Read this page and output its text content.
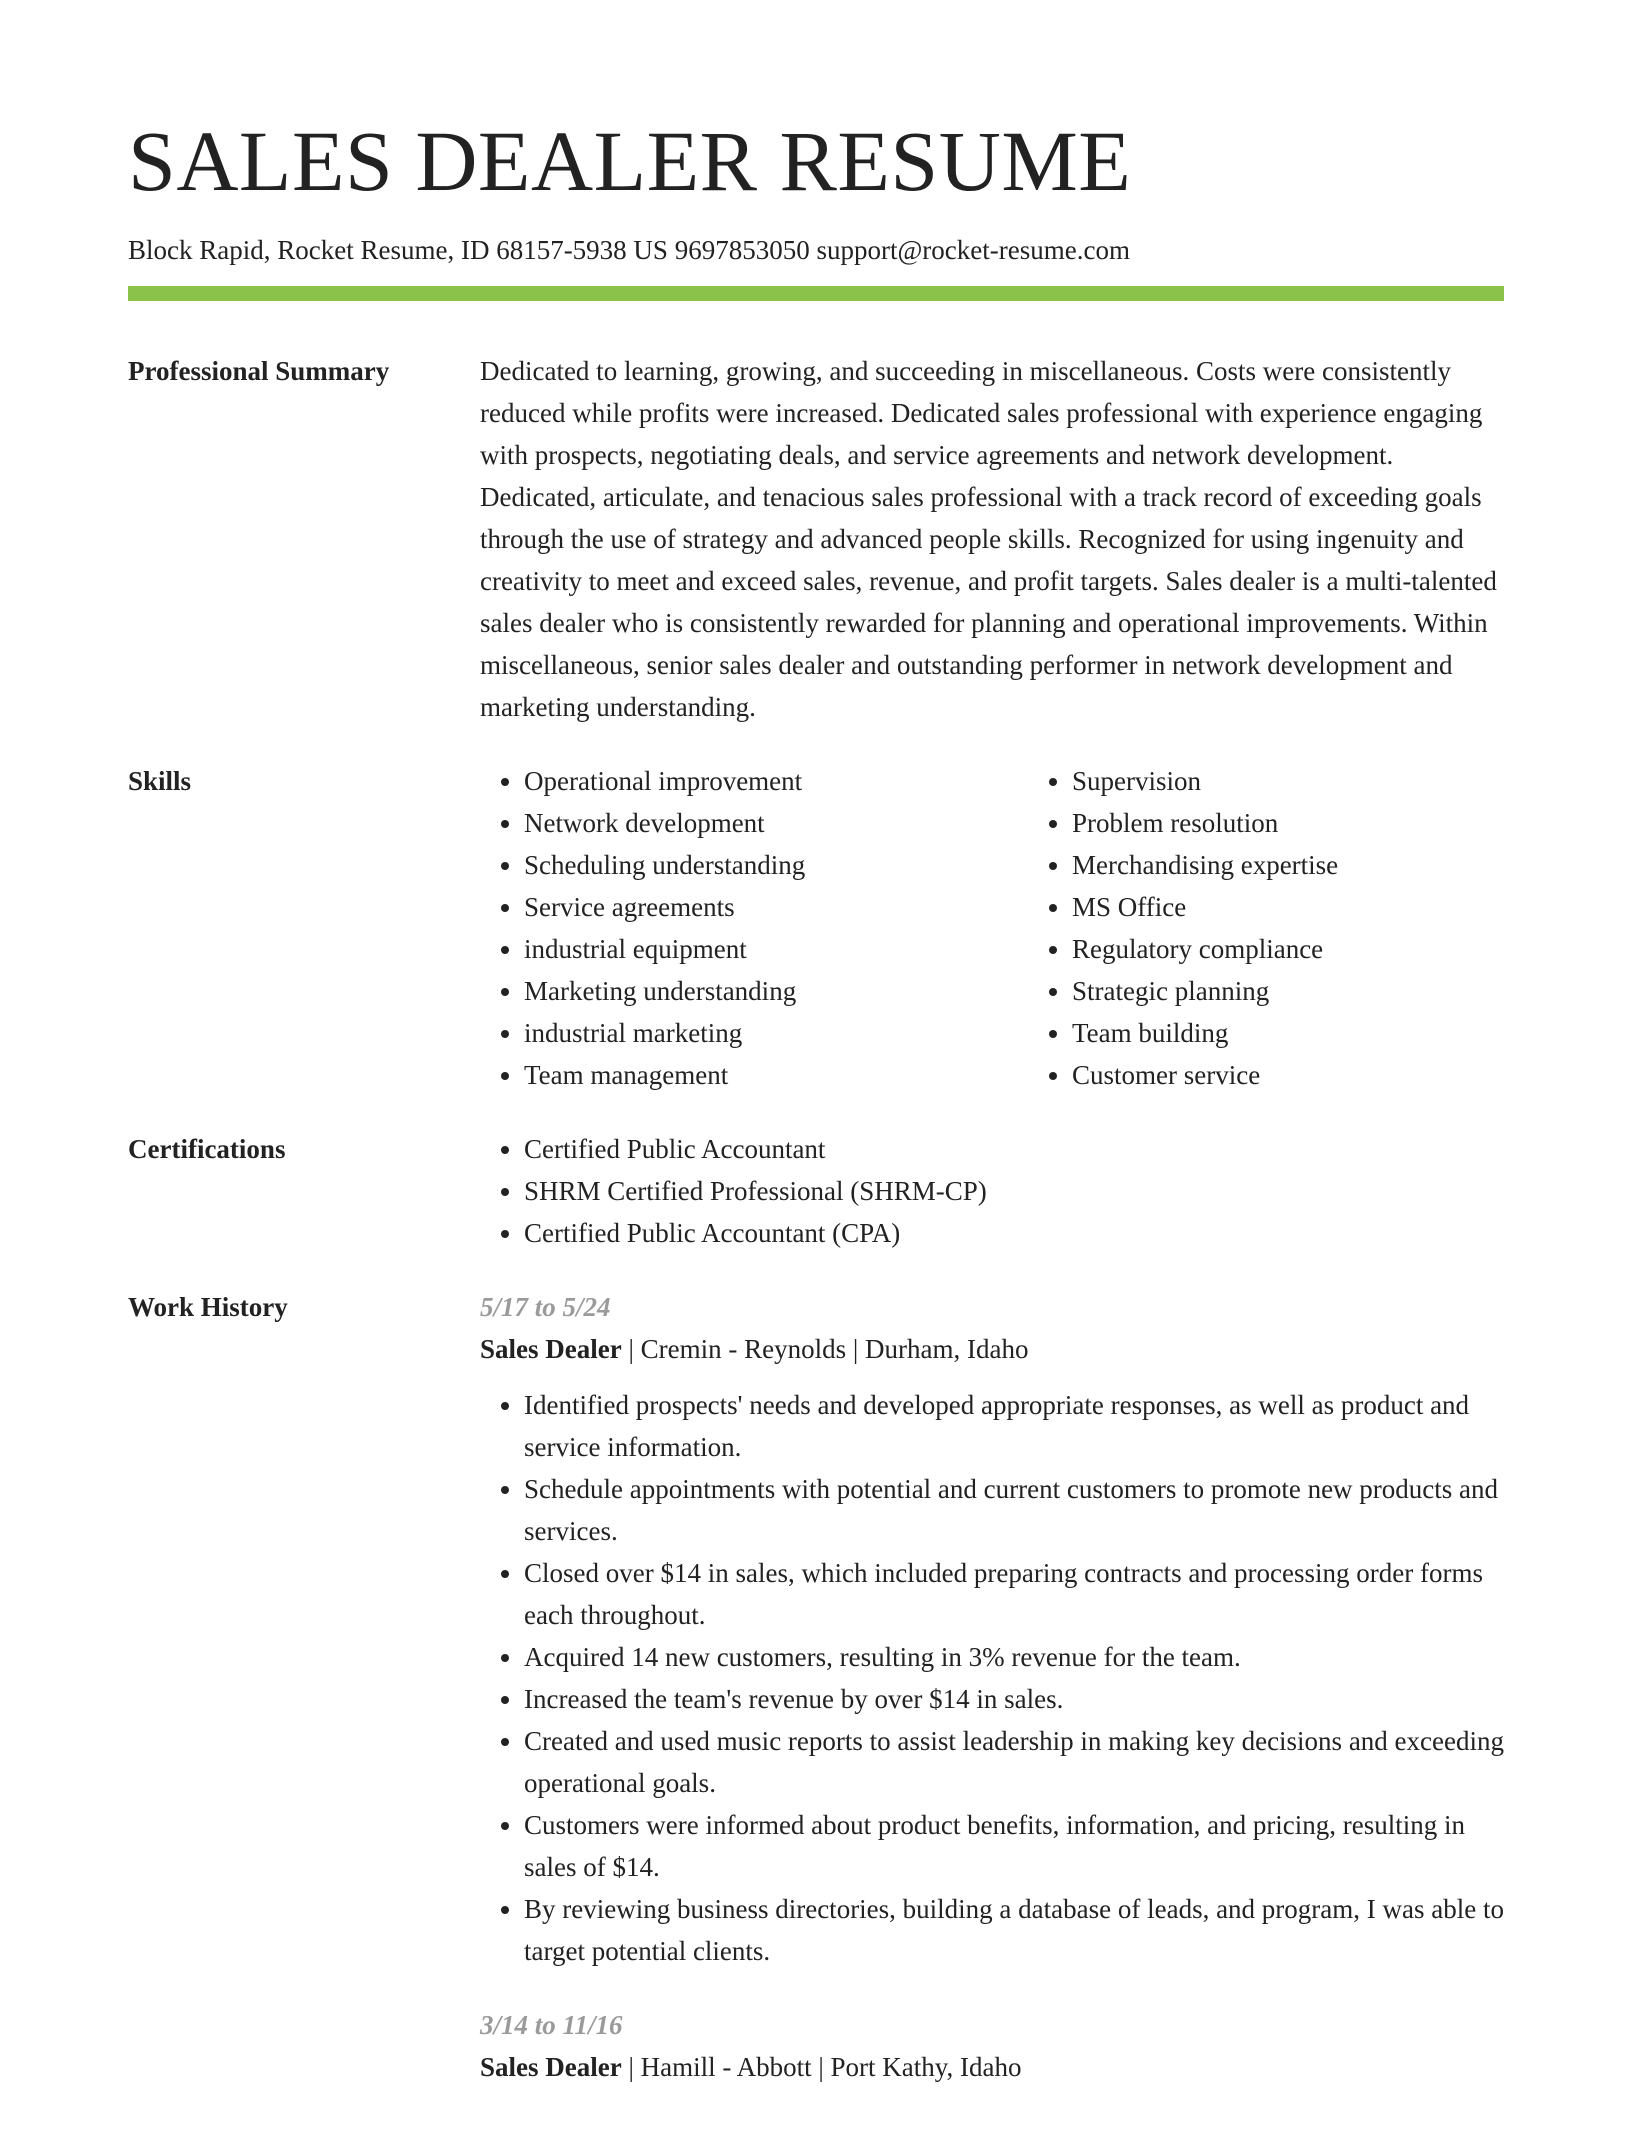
SALES DEALER RESUME
Block Rapid, Rocket Resume, ID 68157-5938 US 9697853050 support@rocket-resume.com
Professional Summary	Dedicated to learning, growing, and succeeding in miscellaneous. Costs were consistently reduced while profits were increased. Dedicated sales professional with experience engaging with prospects, negotiating deals, and service agreements and network development. Dedicated, articulate, and tenacious sales professional with a track record of exceeding goals through the use of strategy and advanced people skills. Recognized for using ingenuity and creativity to meet and exceed sales, revenue, and profit targets. Sales dealer is a multi-talented sales dealer who is consistently rewarded for planning and operational improvements. Within miscellaneous, senior sales dealer and outstanding performer in network development and marketing understanding.

Skills	• Operational improvement
• Network development
• Scheduling understanding
• Service agreements
• industrial equipment
• Marketing understanding
• industrial marketing
• Team management
• Supervision
• Problem resolution
• Merchandising expertise
• MS Office
• Regulatory compliance
• Strategic planning
• Team building
• Customer service
Certifications	• Certified Public Accountant
• SHRM Certified Professional (SHRM-CP)
• Certified Public Accountant (CPA)
Work History	5/17 to 5/24
Sales Dealer | Cremin - Reynolds | Durham, Idaho
• Identified prospects' needs and developed appropriate responses, as well as product and service information.
• Schedule appointments with potential and current customers to promote new products and services.
• Closed over $14 in sales, which included preparing contracts and processing order forms each throughout.
• Acquired 14 new customers, resulting in 3% revenue for the team.
• Increased the team's revenue by over $14 in sales.
• Created and used music reports to assist leadership in making key decisions and exceeding operational goals.
• Customers were informed about product benefits, information, and pricing, resulting in sales of $14.
• By reviewing business directories, building a database of leads, and program, I was able to target potential clients.
3/14 to 11/16
Sales Dealer | Hamill - Abbott | Port Kathy, Idaho
